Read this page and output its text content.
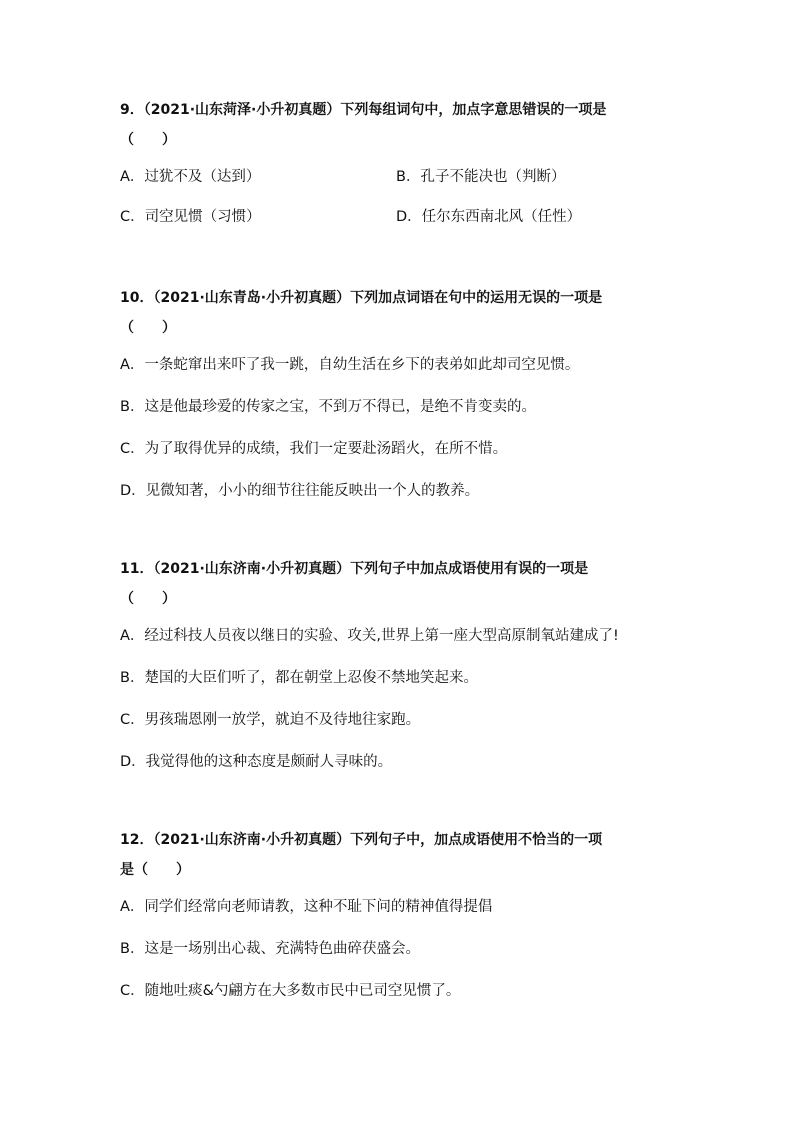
9．（2021·山东菏泽·小升初真题）下列每组词句中，加点字意思错误的一项是

（　　）

A．过犹不及（达到）	B．孔子不能决也（判断）
C．司空见惯（习惯）	D．任尔东西南北风（任性）

10．（2021·山东青岛·小升初真题）下列加点词语在句中的运用无误的一项是

（　　）

A．一条蛇窜出来吓了我一跳，自幼生活在乡下的表弟如此却司空见惯。
B．这是他最珍爱的传家之宝，不到万不得已，是绝不肯变卖的。
C．为了取得优异的成绩，我们一定要赴汤蹈火，在所不惜。
D．见微知著，小小的细节往往能反映出一个人的教养。

11．（2021·山东济南·小升初真题）下列句子中加点成语使用有误的一项是

（　　）

A．经过科技人员夜以继日的实验、攻关,世界上第一座大型高原制氧站建成了!
B．楚国的大臣们听了，都在朝堂上忍俊不禁地笑起来。
C．男孩瑞恩刚一放学，就迫不及待地往家跑。
D．我觉得他的这种态度是颇耐人寻味的。

12．（2021·山东济南·小升初真题）下列句子中，加点成语使用不恰当的一项

是（　　）

A．同学们经常向老师请教，这种不耻下问的精神值得提倡
B．这是一场别出心裁、充满特色曲碎茯盛会。
C．随地吐痰&勺翩方在大多数市民中已司空见惯了。
